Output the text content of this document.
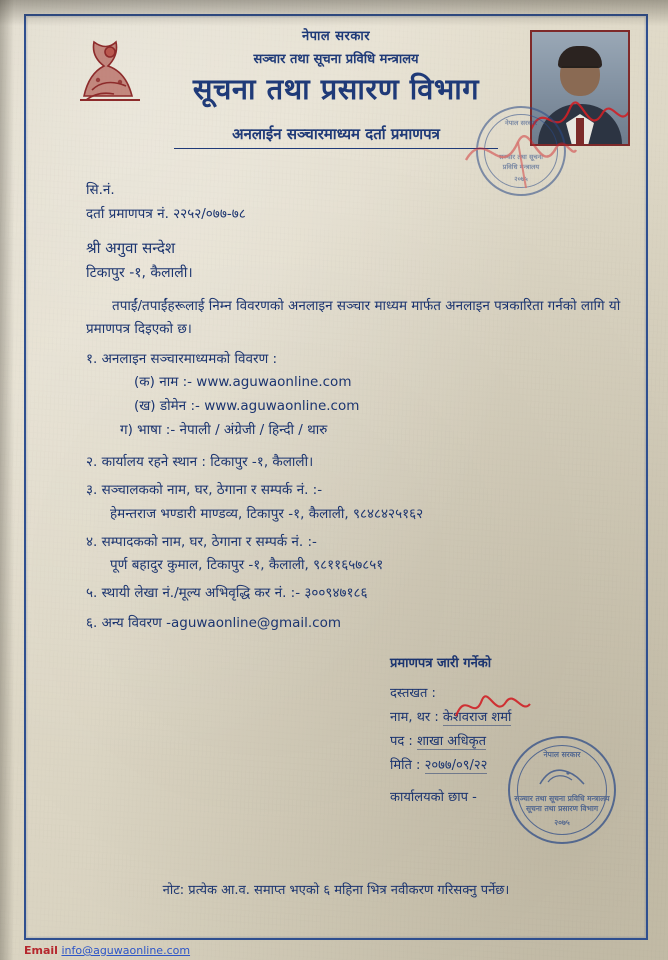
नेपाल सरकार
सञ्चार तथा सूचना प्रविधि मन्त्रालय
सूचना तथा प्रसारण विभाग
अनलाईन सञ्चारमाध्यम दर्ता प्रमाणपत्र
नेपाल सरकार
सञ्चार तथा सूचना
प्रविधि मन्त्रालय
२०७५
सि.नं.
दर्ता प्रमाणपत्र नं. २२५२/०७७-७८
श्री अगुवा सन्देश
टिकापुर -१, कैलाली।
तपाईं/तपाईंहरूलाई निम्न विवरणको अनलाइन सञ्चार माध्यम मार्फत अनलाइन पत्रकारिता गर्नको लागि यो प्रमाणपत्र दिइएको छ।
१. अनलाइन सञ्चारमाध्यमको विवरण :
(क) नाम :- www.aguwaonline.com
(ख) डोमेन :- www.aguwaonline.com
ग) भाषा :- नेपाली / अंग्रेजी / हिन्दी / थारु
२. कार्यालय रहने स्थान : टिकापुर -१, कैलाली।
३. सञ्चालकको नाम, घर, ठेगाना र सम्पर्क नं. :-
हेमन्तराज भण्डारी माण्डव्य, टिकापुर -१, कैलाली, ९८४८४२५१६२
४. सम्पादकको नाम, घर, ठेगाना र सम्पर्क नं. :-
पूर्ण बहादुर कुमाल, टिकापुर -१, कैलाली, ९८११६५७८५१
५. स्थायी लेखा नं./मूल्य अभिवृद्धि कर नं. :- ३००९४७१८६
६. अन्य विवरण -aguwaonline@gmail.com
प्रमाणपत्र जारी गर्नेको
दस्तखत :
नाम, थर : केशवराज शर्मा
पद : शाखा अधिकृत
मिति : २०७७/०९/२२
कार्यालयको छाप -
नेपाल सरकार
सञ्चार तथा सूचना प्रविधि मन्त्रालय
सूचना तथा प्रसारण विभाग
२०७५
नोट: प्रत्येक आ.व. समाप्त भएको ६ महिना भित्र नवीकरण गरिसक्नु पर्नेछ।
Email info@aguwaonline.com
